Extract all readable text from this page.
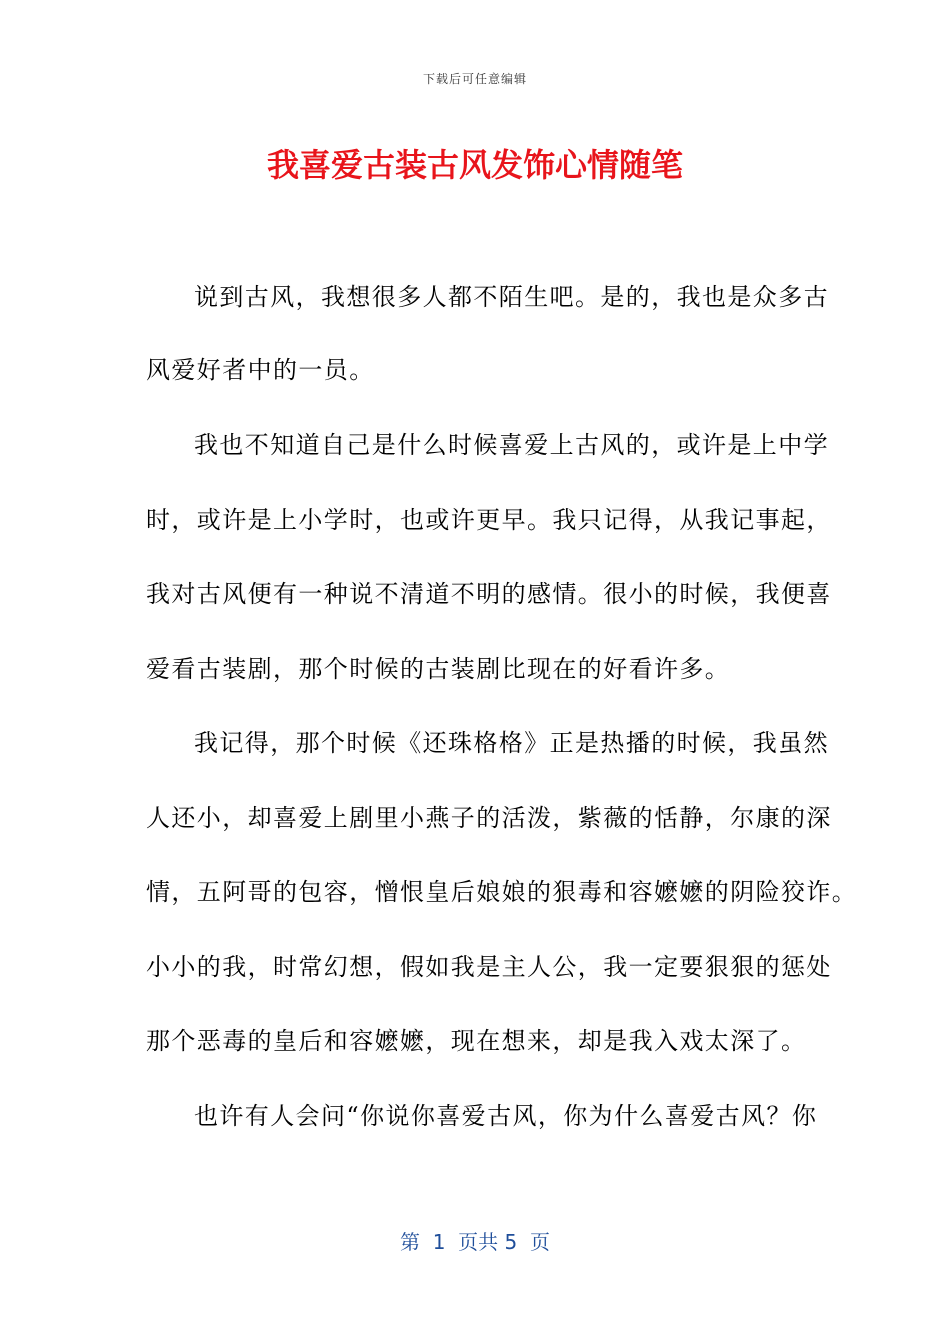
下载后可任意编辑
我喜爱古装古风发饰心情随笔
说到古风，我想很多人都不陌生吧。是的，我也是众多古
风爱好者中的一员。
我也不知道自己是什么时候喜爱上古风的，或许是上中学
时，或许是上小学时，也或许更早。我只记得，从我记事起，
我对古风便有一种说不清道不明的感情。很小的时候，我便喜
爱看古装剧，那个时候的古装剧比现在的好看许多。
我记得，那个时候《还珠格格》正是热播的时候，我虽然
人还小，却喜爱上剧里小燕子的活泼，紫薇的恬静，尔康的深
情，五阿哥的包容，憎恨皇后娘娘的狠毒和容嬷嬷的阴险狡诈。
小小的我，时常幻想，假如我是主人公，我一定要狠狠的惩处
那个恶毒的皇后和容嬷嬷，现在想来，却是我入戏太深了。
也许有人会问“你说你喜爱古风，你为什么喜爱古风？你
第  1  页共 5  页
